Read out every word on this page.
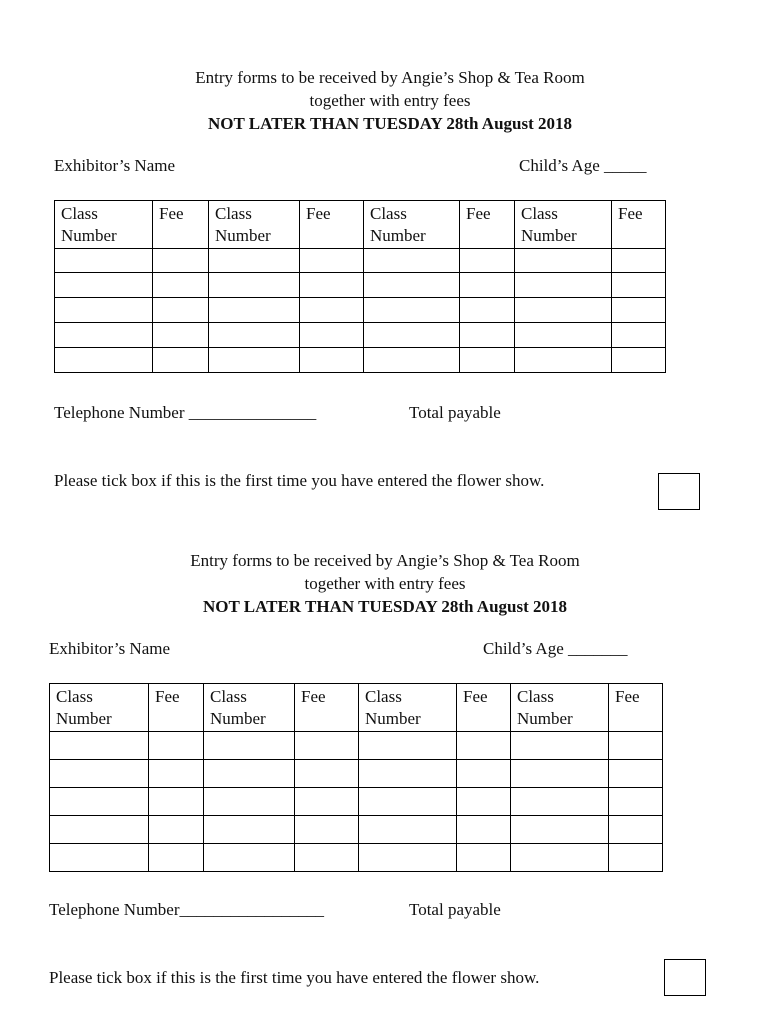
Entry forms to be received by Angie’s Shop & Tea Room
together with entry fees
NOT LATER THAN TUESDAY 28th August 2018
Exhibitor’s Name	Child’s Age _____
Class Number	Fee	Class Number	Fee	Class Number	Fee	Class Number	Fee

Telephone Number _______________	Total payable
Please tick box if this is the first time you have entered the flower show.
Entry forms to be received by Angie’s Shop & Tea Room
together with entry fees
NOT LATER THAN TUESDAY 28th August 2018
Exhibitor’s Name	Child’s Age _______
Class Number	Fee	Class Number	Fee	Class Number	Fee	Class Number	Fee

Telephone Number_________________	Total payable
Please tick box if this is the first time you have entered the flower show.
